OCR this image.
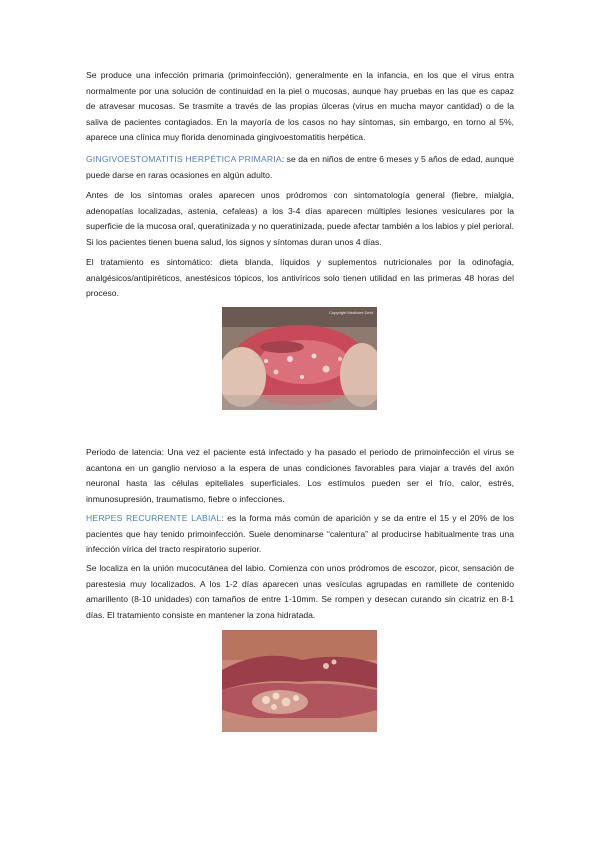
Se produce una infección primaria (primoinfección), generalmente en la infancia, en los que el virus entra normalmente por una solución de continuidad en la piel o mucosas, aunque hay pruebas en las que es capaz de atravesar mucosas. Se trasmite a través de las propias úlceras (virus en mucha mayor cantidad) o de la saliva de pacientes contagiados. En la mayoría de los casos no hay síntomas, sin embargo, en torno al 5%, aparece una clínica muy florida denominada gingivoestomatitis herpética.

GINGIVOESTOMATITIS HERPÉTICA PRIMARIA: se da en niños de entre 6 meses y 5 años de edad, aunque puede darse en raras ocasiones en algún adulto.

Antes de los síntomas orales aparecen unos pródromos con sintomatología general (fiebre, mialgia, adenopatías localizadas, astenia, cefaleas) a los 3-4 días aparecen múltiples lesiones vesiculares por la superficie de la mucosa oral, queratinizada y no queratinizada, puede afectar también a los labios y piel perioral. Si los pacientes tienen buena salud, los signos y síntomas duran unos 4 días.

El tratamiento es sintomático: dieta blanda, líquidos y suplementos nutricionales por la odinofagia, analgésicos/antipiréticos, anestésicos tópicos, los antivíricos solo tienen utilidad en las primeras 48 horas del proceso.

Copyright Medicine Dent

Periodo de latencia: Una vez el paciente está infectado y ha pasado el periodo de primoinfección el virus se acantona en un ganglio nervioso a la espera de unas condiciones favorables para viajar a través del axón neuronal hasta las células epiteliales superficiales. Los estímulos pueden ser el frío, calor, estrés, inmunosupresión, traumatismo, fiebre o infecciones.

HERPES RECURRENTE LABIAL: es la forma más común de aparición y se da entre el 15 y el 20% de los pacientes que hay tenido primoinfección. Suele denominarse “calentura” al producirse habitualmente tras una infección vírica del tracto respiratorio superior.

Se localiza en la unión mucocutánea del labio. Comienza con unos pródromos de escozor, picor, sensación de parestesia muy localizados. A los 1-2 días aparecen unas vesículas agrupadas en ramillete de contenido amarillento (8-10 unidades) con tamaños de entre 1-10mm. Se rompen y desecan curando sin cicatriz en 8-1 días. El tratamiento consiste en mantener la zona hidratada.
